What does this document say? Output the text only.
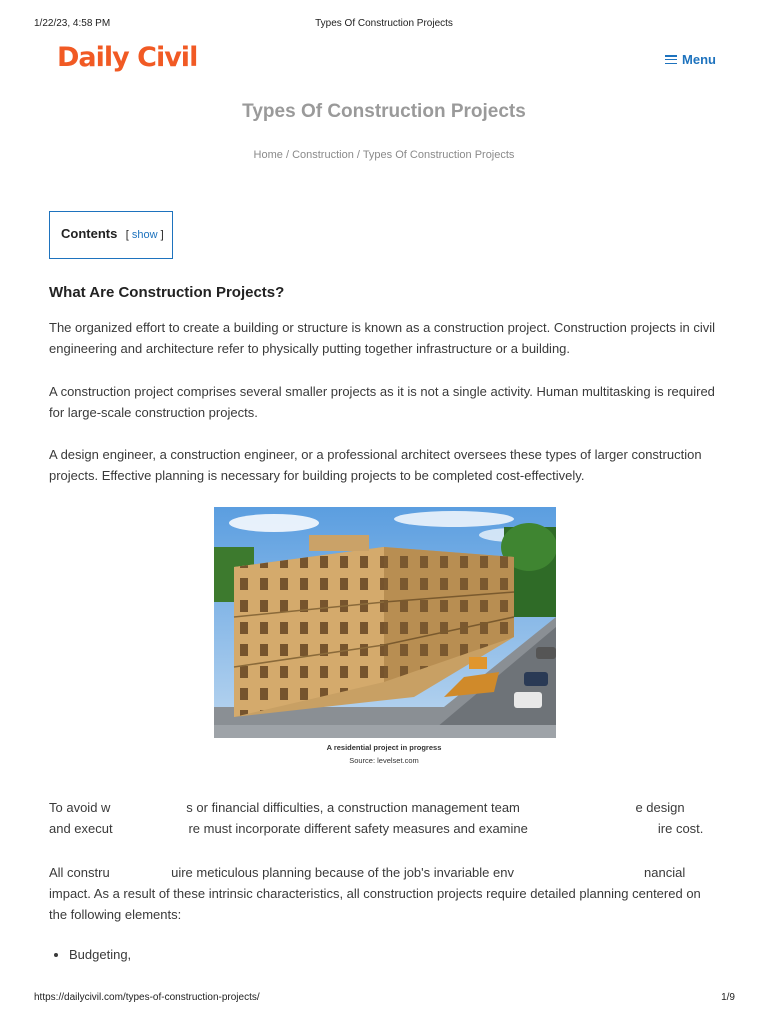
1/22/23, 4:58 PM	Types Of Construction Projects
Daily Civil	Menu
Types Of Construction Projects
Home / Construction / Types Of Construction Projects
Contents [ show ]
What Are Construction Projects?

The organized effort to create a building or structure is known as a construction project. Construction projects in civil engineering and architecture refer to physically putting together infrastructure or a building.

A construction project comprises several smaller projects as it is not a single activity. Human multitasking is required for large-scale construction projects.

A design engineer, a construction engineer, or a professional architect oversees these types of larger construction projects. Effective planning is necessary for building projects to be completed cost-effectively.

A residential project in progress
Source: levelset.com

To avoid w	s or financial difficulties, a construction management team	e design
and execut	re must incorporate different safety measures and examine	ire cost.

All constru	uire meticulous planning because of the job's invariable env	nancial
impact. As a result of these intrinsic characteristics, all construction projects require detailed planning centered on the following elements:

• Budgeting,
https://dailycivil.com/types-of-construction-projects/	1/9
